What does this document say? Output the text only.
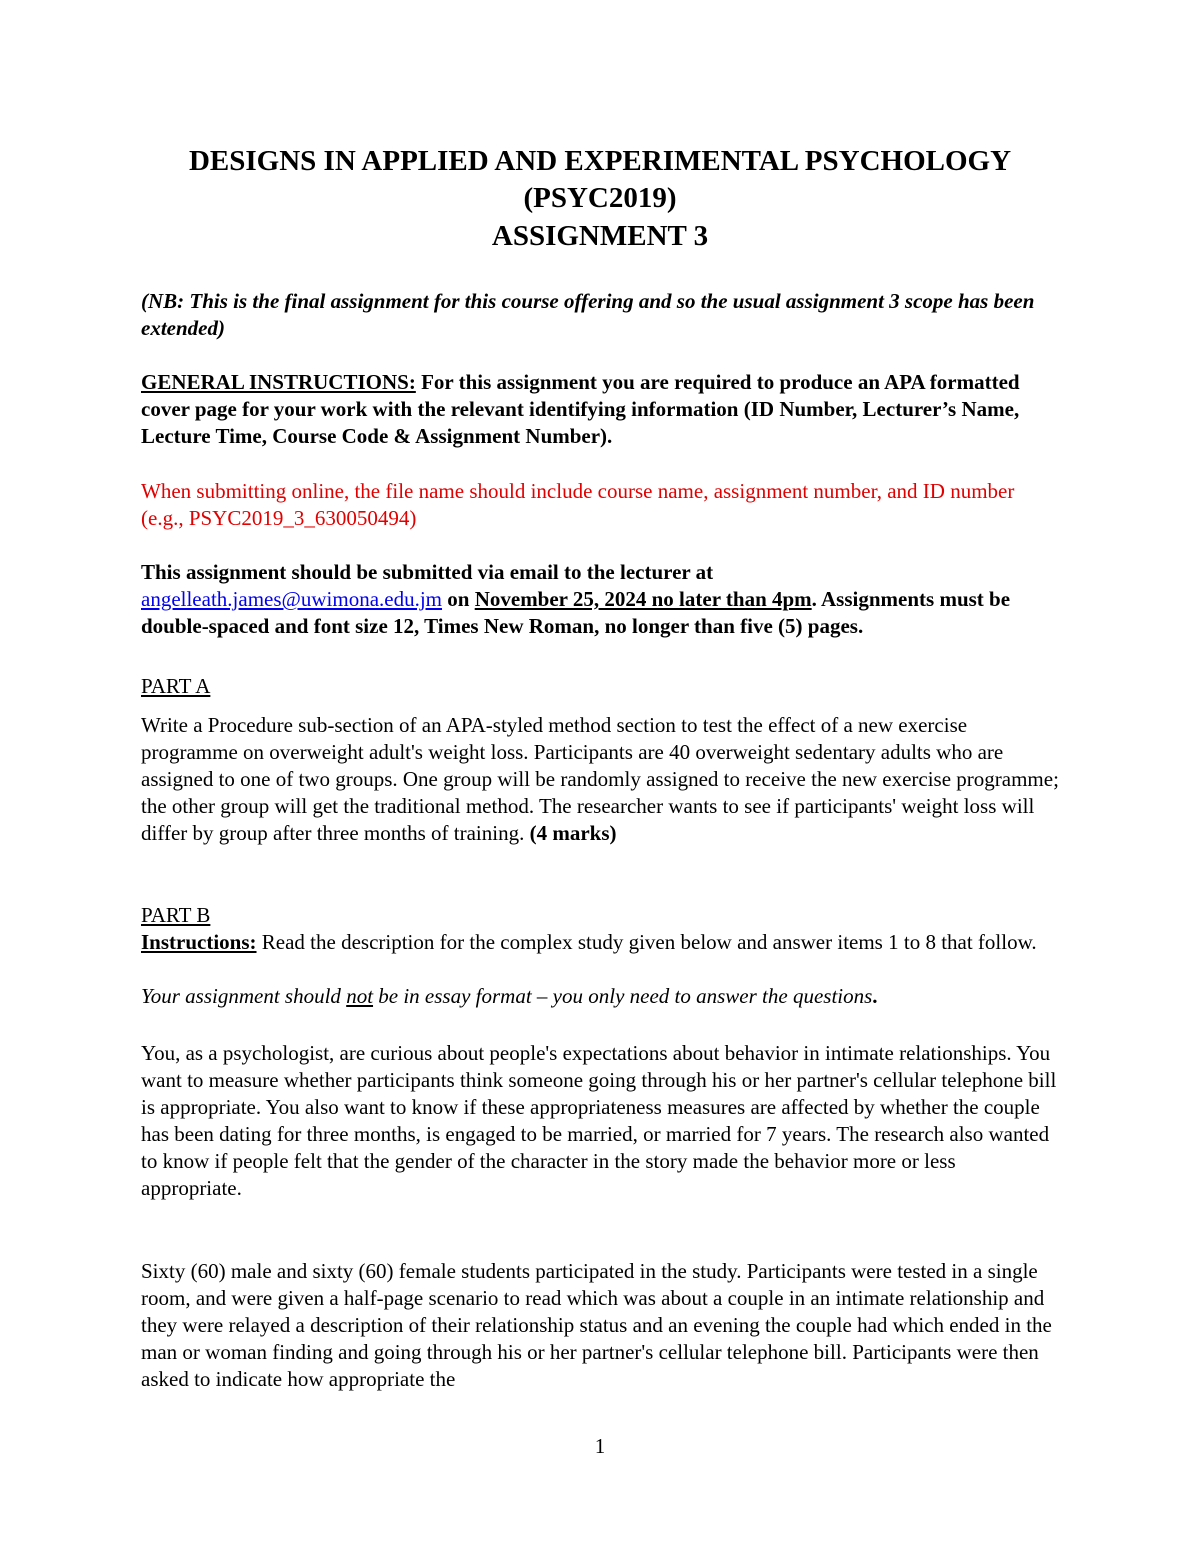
DESIGNS IN APPLIED AND EXPERIMENTAL PSYCHOLOGY

(PSYC2019)

ASSIGNMENT 3

(NB: This is the final assignment for this course offering and so the usual assignment 3 scope has been extended)

GENERAL INSTRUCTIONS: For this assignment you are required to produce an APA formatted cover page for your work with the relevant identifying information (ID Number, Lecturer’s Name, Lecture Time, Course Code & Assignment Number).

When submitting online, the file name should include course name, assignment number, and ID number (e.g., PSYC2019_3_630050494)

This assignment should be submitted via email to the lecturer at
angelleath.james@uwimona.edu.jm on November 25, 2024 no later than 4pm. Assignments must be double-spaced and font size 12, Times New Roman, no longer than five (5) pages.

PART A

Write a Procedure sub-section of an APA-styled method section to test the effect of a new exercise programme on overweight adult's weight loss. Participants are 40 overweight sedentary adults who are assigned to one of two groups. One group will be randomly assigned to receive the new exercise programme; the other group will get the traditional method. The researcher wants to see if participants' weight loss will differ by group after three months of training. (4 marks)

PART B

Instructions: Read the description for the complex study given below and answer items 1 to 8 that follow.

Your assignment should not be in essay format – you only need to answer the questions.

You, as a psychologist, are curious about people's expectations about behavior in intimate relationships. You want to measure whether participants think someone going through his or her partner's cellular telephone bill is appropriate. You also want to know if these appropriateness measures are affected by whether the couple has been dating for three months, is engaged to be married, or married for 7 years. The research also wanted to know if people felt that the gender of the character in the story made the behavior more or less appropriate.

Sixty (60) male and sixty (60) female students participated in the study. Participants were tested in a single room, and were given a half-page scenario to read which was about a couple in an intimate relationship and they were relayed a description of their relationship status and an evening the couple had which ended in the man or woman finding and going through his or her partner's cellular telephone bill. Participants were then asked to indicate how appropriate the

1
